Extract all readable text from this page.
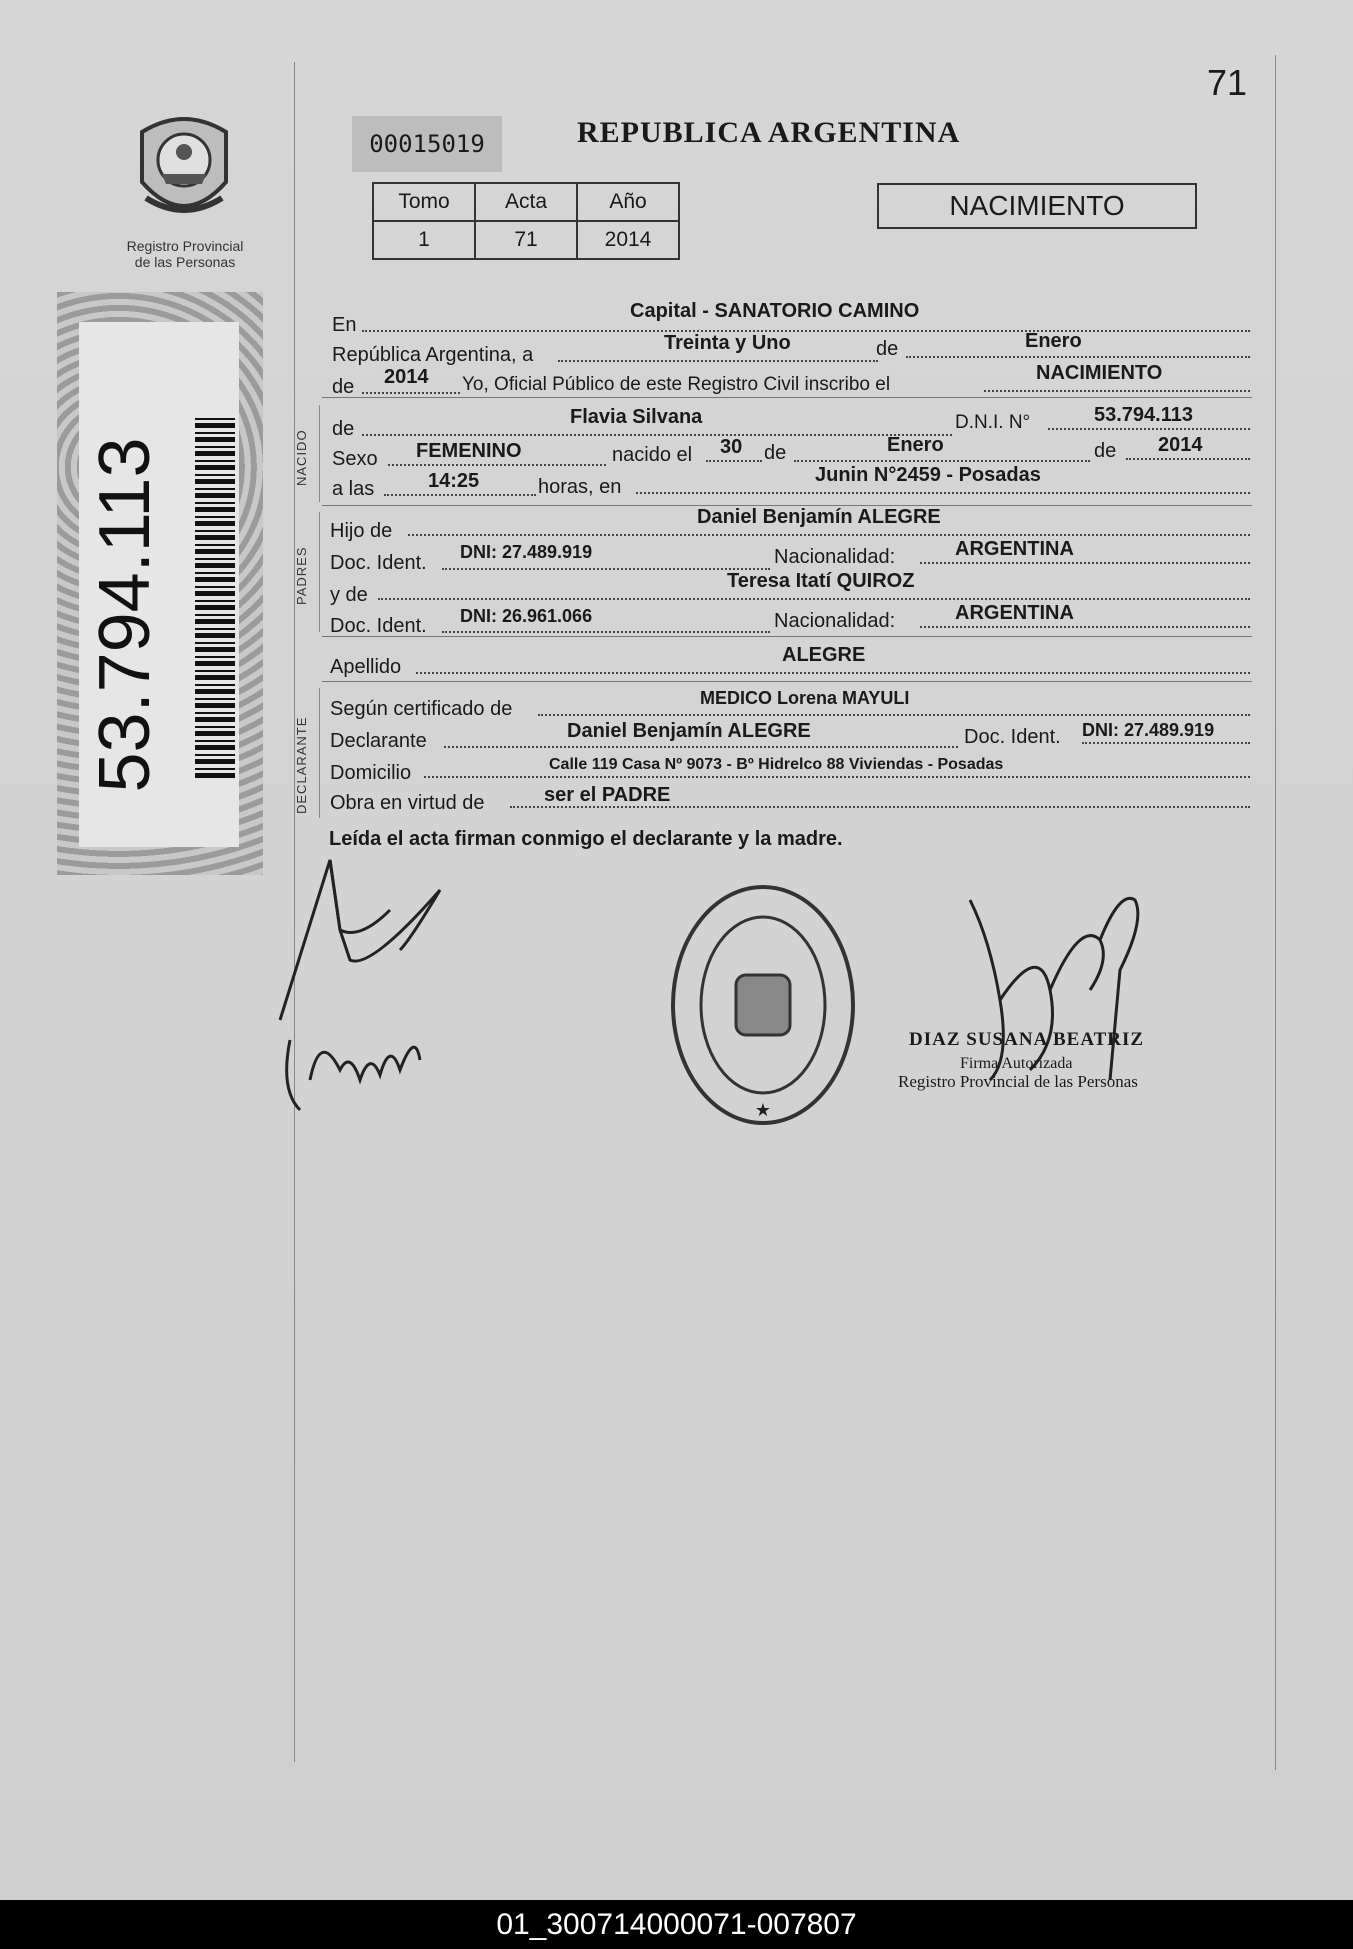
71
Registro Provincial
de las Personas
53.794.113
00015019	REPUBLICA ARGENTINA
Tomo	Acta	Año
1	71	2014
NACIMIENTO
NACIDO
PADRES
DECLARANTE
En
Capital - SANATORIO CAMINO
República Argentina, a
Treinta y Uno	de	Enero
de 2014 Yo, Oficial Público de este Registro Civil inscribo el
NACIMIENTO
de
Flavia Silvana	D.N.I. N°	53.794.113
Sexo FEMENINO	nacido el 30 de	Enero	de 2014
a las	14:25	horas, en
Junin N°2459 - Posadas
Hijo de
Daniel Benjamín ALEGRE
Doc. Ident. DNI: 27.489.919	Nacionalidad:	ARGENTINA
y de
Teresa Itatí QUIROZ
Doc. Ident. DNI: 26.961.066	Nacionalidad:	ARGENTINA
Apellido
ALEGRE
Según certificado de	MEDICO Lorena MAYULI
Declarante	Daniel Benjamín ALEGRE	Doc. Ident. DNI: 27.489.919
Domicilio	Calle 119 Casa Nº 9073 - Bº Hidrelco 88 Viviendas - Posadas
Obra en virtud de	ser el PADRE
Leída el acta firman conmigo el declarante y la madre.
★
DIAZ SUSANA BEATRIZ
Firma Autorizada
Registro Provincial de las Personas
01_300714000071-007807
